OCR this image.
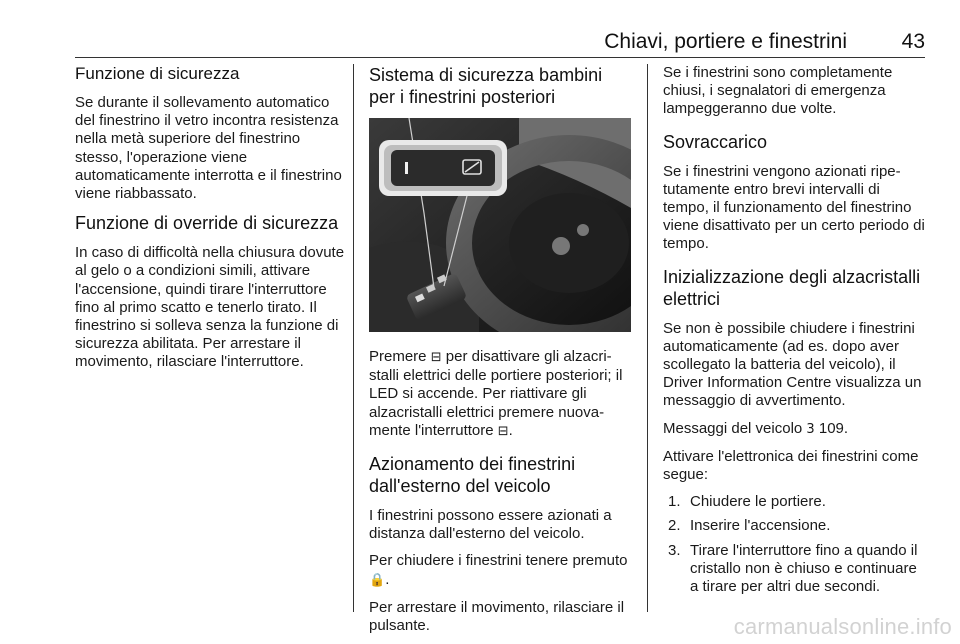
Chiavi, portiere e finestrini	43
Funzione di sicurezza

Se durante il sollevamento automatico del finestrino il vetro incontra resistenza nella metà superiore del finestrino stesso, l'operazione viene automaticamente interrotta e il finestrino viene riabbassato.

Funzione di override di sicurezza

In caso di difficoltà nella chiusura dovute al gelo o a condizioni simili, attivare l'accensione, quindi tirare l'interruttore fino al primo scatto e tenerlo tirato. Il finestrino si solleva senza la funzione di sicurezza abilitata. Per arrestare il movimento, rilasciare l'interruttore.

Sistema di sicurezza bambini per i finestrini posteriori

Premere ⊟ per disattivare gli alzacristalli elettrici delle portiere posteriori; il LED si accende. Per riattivare gli alzacristalli elettrici premere nuovamente l'interruttore ⊟.

Azionamento dei finestrini dall'esterno del veicolo

I finestrini possono essere azionati a distanza dall'esterno del veicolo.

Per chiudere i finestrini tenere premuto 🔒.

Per arrestare il movimento, rilasciare il pulsante.

Se i finestrini sono completamente chiusi, i segnalatori di emergenza lampeggeranno due volte.

Sovraccarico

Se i finestrini vengono azionati ripetutamente entro brevi intervalli di tempo, il funzionamento del finestrino viene disattivato per un certo periodo di tempo.

Inizializzazione degli alzacristalli elettrici

Se non è possibile chiudere i finestrini automaticamente (ad es. dopo aver scollegato la batteria del veicolo), il Driver Information Centre visualizza un messaggio di avvertimento.

Messaggi del veicolo 3 109.

Attivare l'elettronica dei finestrini come segue:

1. Chiudere le portiere.
2. Inserire l'accensione.
3. Tirare l'interruttore fino a quando il cristallo non è chiuso e continuare a tirare per altri due secondi.
carmanualsonline.info
